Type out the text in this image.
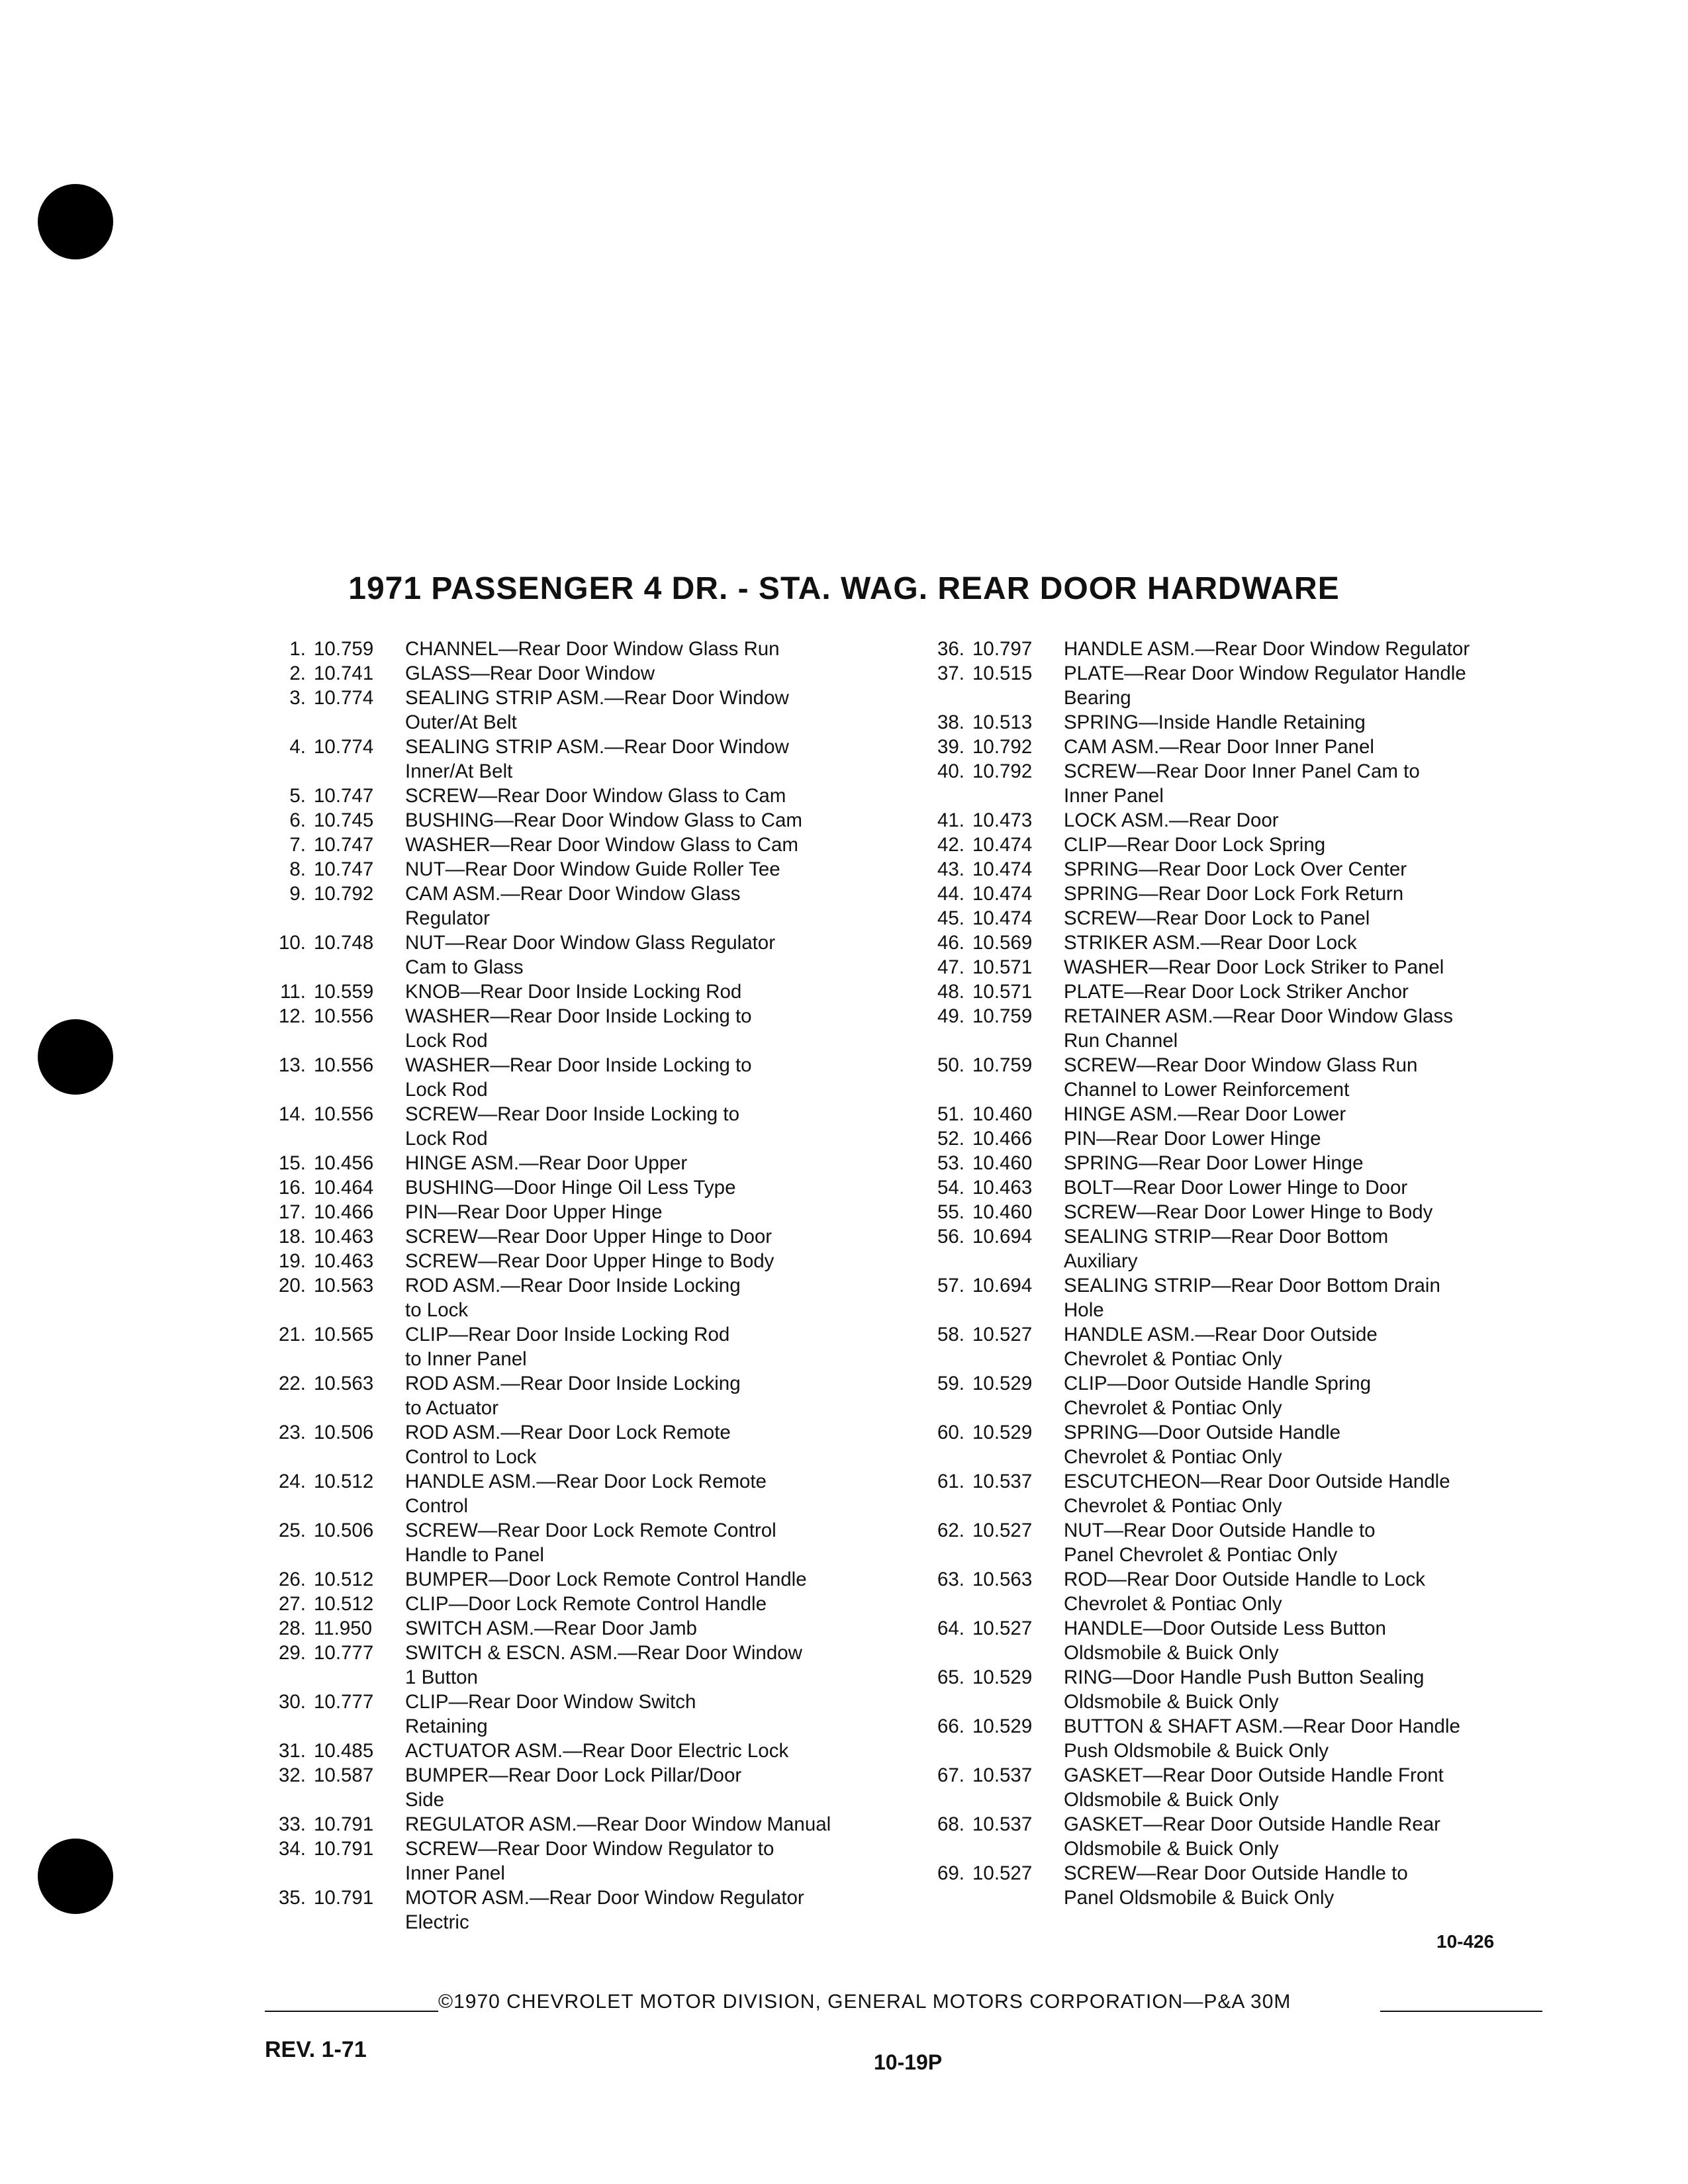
1971 PASSENGER 4 DR. - STA. WAG. REAR DOOR HARDWARE
1. 10.759	CHANNEL—Rear Door Window Glass Run
2. 10.741	GLASS—Rear Door Window
3. 10.774	SEALING STRIP ASM.—Rear Door Window
Outer/At Belt
4. 10.774	SEALING STRIP ASM.—Rear Door Window
Inner/At Belt
5. 10.747	SCREW—Rear Door Window Glass to Cam
6. 10.745	BUSHING—Rear Door Window Glass to Cam
7. 10.747	WASHER—Rear Door Window Glass to Cam
8. 10.747	NUT—Rear Door Window Guide Roller Tee
9. 10.792	CAM ASM.—Rear Door Window Glass
Regulator
10. 10.748	NUT—Rear Door Window Glass Regulator
Cam to Glass
11. 10.559	KNOB—Rear Door Inside Locking Rod
12. 10.556	WASHER—Rear Door Inside Locking to
Lock Rod
13. 10.556	WASHER—Rear Door Inside Locking to
Lock Rod
14. 10.556	SCREW—Rear Door Inside Locking to
Lock Rod
15. 10.456	HINGE ASM.—Rear Door Upper
16. 10.464	BUSHING—Door Hinge Oil Less Type
17. 10.466	PIN—Rear Door Upper Hinge
18. 10.463	SCREW—Rear Door Upper Hinge to Door
19. 10.463	SCREW—Rear Door Upper Hinge to Body
20. 10.563	ROD ASM.—Rear Door Inside Locking
to Lock
21. 10.565	CLIP—Rear Door Inside Locking Rod
to Inner Panel
22. 10.563	ROD ASM.—Rear Door Inside Locking
to Actuator
23. 10.506	ROD ASM.—Rear Door Lock Remote
Control to Lock
24. 10.512	HANDLE ASM.—Rear Door Lock Remote
Control
25. 10.506	SCREW—Rear Door Lock Remote Control
Handle to Panel
26. 10.512	BUMPER—Door Lock Remote Control Handle
27. 10.512	CLIP—Door Lock Remote Control Handle
28. 11.950	SWITCH ASM.—Rear Door Jamb
29. 10.777	SWITCH & ESCN. ASM.—Rear Door Window
1 Button
30. 10.777	CLIP—Rear Door Window Switch
Retaining
31. 10.485	ACTUATOR ASM.—Rear Door Electric Lock
32. 10.587	BUMPER—Rear Door Lock Pillar/Door
Side
33. 10.791	REGULATOR ASM.—Rear Door Window Manual
34. 10.791	SCREW—Rear Door Window Regulator to
Inner Panel
35. 10.791	MOTOR ASM.—Rear Door Window Regulator
Electric
36. 10.797	HANDLE ASM.—Rear Door Window Regulator
37. 10.515	PLATE—Rear Door Window Regulator Handle
Bearing
38. 10.513	SPRING—Inside Handle Retaining
39. 10.792	CAM ASM.—Rear Door Inner Panel
40. 10.792	SCREW—Rear Door Inner Panel Cam to
Inner Panel
41. 10.473	LOCK ASM.—Rear Door
42. 10.474	CLIP—Rear Door Lock Spring
43. 10.474	SPRING—Rear Door Lock Over Center
44. 10.474	SPRING—Rear Door Lock Fork Return
45. 10.474	SCREW—Rear Door Lock to Panel
46. 10.569	STRIKER ASM.—Rear Door Lock
47. 10.571	WASHER—Rear Door Lock Striker to Panel
48. 10.571	PLATE—Rear Door Lock Striker Anchor
49. 10.759	RETAINER ASM.—Rear Door Window Glass
Run Channel
50. 10.759	SCREW—Rear Door Window Glass Run
Channel to Lower Reinforcement
51. 10.460	HINGE ASM.—Rear Door Lower
52. 10.466	PIN—Rear Door Lower Hinge
53. 10.460	SPRING—Rear Door Lower Hinge
54. 10.463	BOLT—Rear Door Lower Hinge to Door
55. 10.460	SCREW—Rear Door Lower Hinge to Body
56. 10.694	SEALING STRIP—Rear Door Bottom
Auxiliary
57. 10.694	SEALING STRIP—Rear Door Bottom Drain
Hole
58. 10.527	HANDLE ASM.—Rear Door Outside
Chevrolet & Pontiac Only
59. 10.529	CLIP—Door Outside Handle Spring
Chevrolet & Pontiac Only
60. 10.529	SPRING—Door Outside Handle
Chevrolet & Pontiac Only
61. 10.537	ESCUTCHEON—Rear Door Outside Handle
Chevrolet & Pontiac Only
62. 10.527	NUT—Rear Door Outside Handle to
Panel Chevrolet & Pontiac Only
63. 10.563	ROD—Rear Door Outside Handle to Lock
Chevrolet & Pontiac Only
64. 10.527	HANDLE—Door Outside Less Button
Oldsmobile & Buick Only
65. 10.529	RING—Door Handle Push Button Sealing
Oldsmobile & Buick Only
66. 10.529	BUTTON & SHAFT ASM.—Rear Door Handle
Push Oldsmobile & Buick Only
67. 10.537	GASKET—Rear Door Outside Handle Front
Oldsmobile & Buick Only
68. 10.537	GASKET—Rear Door Outside Handle Rear
Oldsmobile & Buick Only
69. 10.527	SCREW—Rear Door Outside Handle to
Panel Oldsmobile & Buick Only
10-426
©1970 CHEVROLET MOTOR DIVISION, GENERAL MOTORS CORPORATION—P&A 30M
REV. 1-71	10-19P
